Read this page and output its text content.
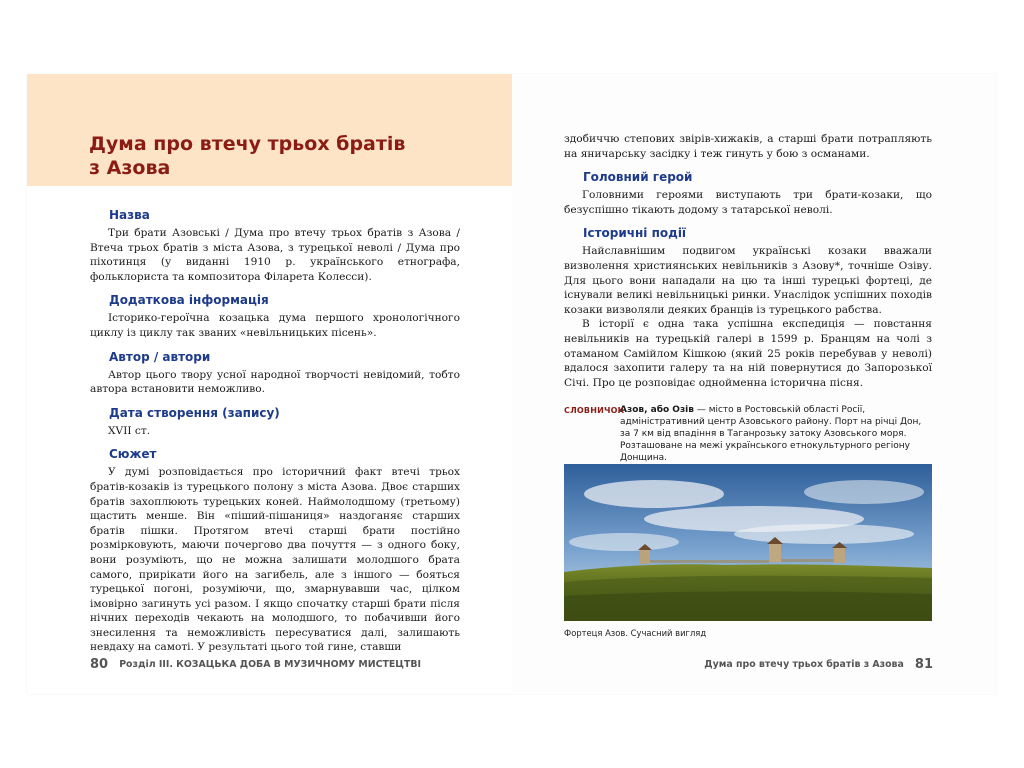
Дума про втечу трьох братів з Азова
Назва

Три брати Азовські / Дума про втечу трьох братів з Азова / Втеча трьох братів з міста Азова, з турецької неволі / Дума про піхотинця (у виданні 1910 р. українського етнографа, фольклориста та композитора Філарета Колесси).

Додаткова інформація

Історико-героїчна козацька дума першого хронологічного циклу із циклу так званих «невільницьких пісень».

Автор / автори

Автор цього твору усної народної творчості невідомий, тобто автора встановити неможливо.

Дата створення (запису)

XVII ст.

Сюжет

У думі розповідається про історичний факт втечі трьох братів-козаків із турецького полону з міста Азова. Двоє старших братів захоплюють турецьких коней. Наймолодшому (третьому) щастить менше. Він «піший-пішаниця» наздоганяє старших братів пішки. Протягом втечі старші брати постійно розмірковують, маючи почергово два почуття — з одного боку, вони розуміють, що не можна залишати молодшого брата самого, прирікати його на загибель, але з іншого — бояться турецької погоні, розуміючи, що, змарнувавши час, цілком імовірно загинуть усі разом. І якщо спочатку старші брати після нічних переходів чекають на молодшого, то побачивши його знесилення та неможливість пересуватися далі, залишають невдаху на самоті. У результаті цього той гине, ставши

80 Розділ ІІІ. КОЗАЦЬКА ДОБА В МУЗИЧНОМУ МИСТЕЦТВІ

здобиччю степових звірів-хижаків, а старші брати потрапляють на яничарську засідку і теж гинуть у бою з османами.

Головний герой

Головними героями виступають три брати-козаки, що безуспішно тікають додому з татарської неволі.

Історичні події

Найславнішим подвигом українські козаки вважали визволення християнських невільників з Азову*, точніше Озіву. Для цього вони нападали на цю та інші турецькі фортеці, де існували великі невільницькі ринки. Унаслідок успішних походів козаки визволяли деяких бранців із турецького рабства.

В історії є одна така успішна експедиція — повстання невільників на турецькій галері в 1599 р. Бранцям на чолі з отаманом Самійлом Кішкою (який 25 років перебував у неволі) вдалося захопити галеру та на ній повернутися до Запорозької Січі. Про це розповідає однойменна історична пісня.

СЛОВНИЧОК
Азов, або Озів — місто в Ростовській області Росії, адміністративний центр Азовського району. Порт на річці Дон, за 7 км від впадіння в Таганрозьку затоку Азовського моря. Розташоване на межі українського етнокультурного регіону Донщина.
Фортеця Азов. Сучасний вигляд
Дума про втечу трьох братів з Азова 81
